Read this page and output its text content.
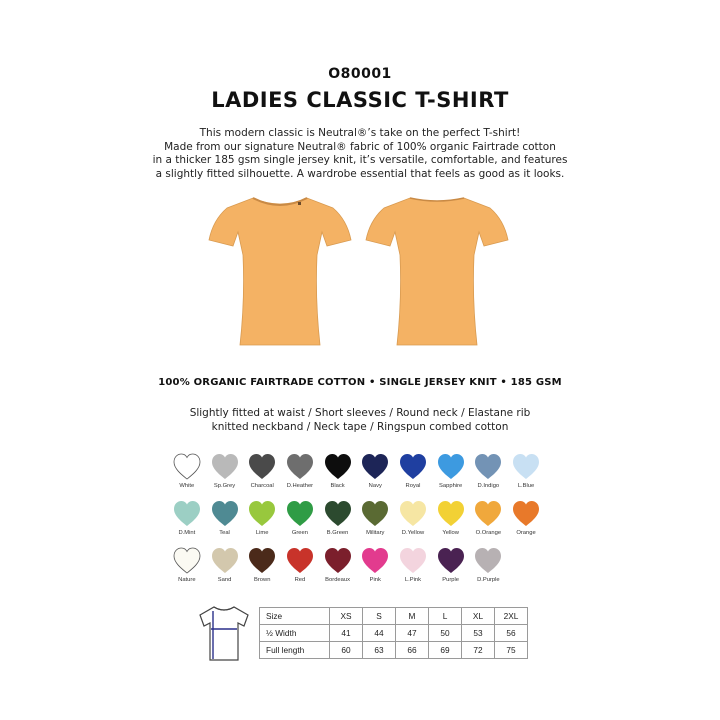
O80001
LADIES CLASSIC T-SHIRT
This modern classic is Neutral®’s take on the perfect T-shirt!
Made from our signature Neutral® fabric of 100% organic Fairtrade cotton
in a thicker 185 gsm single jersey knit, it’s versatile, comfortable, and features
a slightly fitted silhouette. A wardrobe essential that feels as good as it looks.
100% ORGANIC FAIRTRADE COTTON • SINGLE JERSEY KNIT • 185 GSM
Slightly fitted at waist / Short sleeves / Round neck / Elastane rib
knitted neckband / Neck tape / Ringspun combed cotton
White	Sp.Grey	Charcoal D.Heather	Black	Navy	Royal	Sapphire	D.Indigo	L.Blue
D.Mint	Teal	Lime	Green	B.Green	Military	D.Yellow	Yellow	O.Orange	Orange
Nature	Sand	Brown	Red	Bordeaux	Pink	L.Pink	Purple	D.Purple
Size	XS	S	M	L	XL	2XL
½ Width	41	44	47	50	53	56
Full length	60	63	66	69	72	75
